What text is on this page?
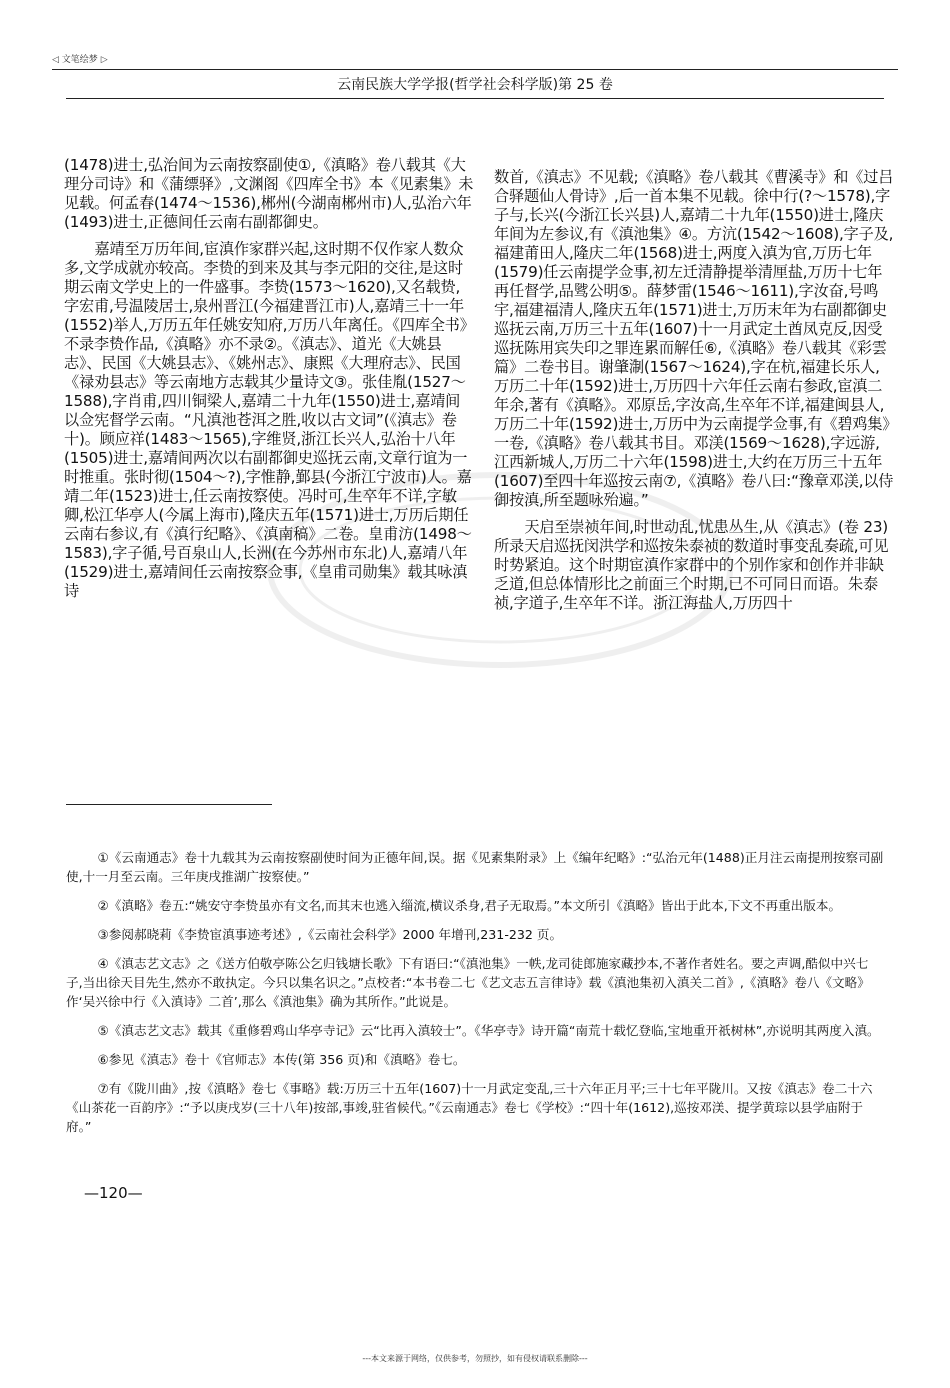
◁ 文笔绘梦 ▷
云南民族大学学报(哲学社会科学版)第 25 卷

(1478)进士,弘治间为云南按察副使①,《滇略》卷八载其《大理分司诗》和《蒲缥驿》,文渊阁《四库全书》本《见素集》未见载。何孟春(1474～1536),郴州(今湖南郴州市)人,弘治六年(1493)进士,正德间任云南右副都御史。

嘉靖至万历年间,宦滇作家群兴起,这时期不仅作家人数众多,文学成就亦较高。李贽的到来及其与李元阳的交往,是这时期云南文学史上的一件盛事。李贽(1573～1620),又名载贽,字宏甫,号温陵居士,泉州晋江(今福建晋江市)人,嘉靖三十一年(1552)举人,万历五年任姚安知府,万历八年离任。《四库全书》不录李贽作品,《滇略》亦不录②。《滇志》、道光《大姚县志》、民国《大姚县志》、《姚州志》、康熙《大理府志》、民国《禄劝县志》等云南地方志载其少量诗文③。张佳胤(1527～1588),字肖甫,四川铜梁人,嘉靖二十九年(1550)进士,嘉靖间以佥宪督学云南。“凡滇池苍洱之胜,收以古文词”(《滇志》卷十)。顾应祥(1483～1565),字维贤,浙江长兴人,弘治十八年(1505)进士,嘉靖间两次以右副都御史巡抚云南,文章行谊为一时推重。张时彻(1504～?),字惟静,鄞县(今浙江宁波市)人。嘉靖二年(1523)进士,任云南按察使。冯时可,生卒年不详,字敏卿,松江华亭人(今属上海市),隆庆五年(1571)进士,万历后期任云南右参议,有《滇行纪略》、《滇南稿》二卷。皇甫汸(1498～1583),字子循,号百泉山人,长洲(在今苏州市东北)人,嘉靖八年(1529)进士,嘉靖间任云南按察佥事,《皇甫司勋集》载其咏滇诗

数首,《滇志》不见载;《滇略》卷八载其《曹溪寺》和《过吕合驿题仙人骨诗》,后一首本集不见载。徐中行(?～1578),字子与,长兴(今浙江长兴县)人,嘉靖二十九年(1550)进士,隆庆年间为左参议,有《滇池集》④。方沆(1542～1608),字子及,福建莆田人,隆庆二年(1568)进士,两度入滇为官,万历七年(1579)任云南提学佥事,初左迁清静提举清厘盐,万历十七年再任督学,品骘公明⑤。薛梦雷(1546～1611),字汝奋,号鸣宇,福建福清人,隆庆五年(1571)进士,万历末年为右副都御史巡抚云南,万历三十五年(1607)十一月武定土酋凤克反,因受巡抚陈用宾失印之罪连累而解任⑥,《滇略》卷八载其《彩雲篇》二卷书目。谢肇淛(1567～1624),字在杭,福建长乐人,万历二十年(1592)进士,万历四十六年任云南右参政,宦滇二年余,著有《滇略》。邓原岳,字汝高,生卒年不详,福建闽县人,万历二十年(1592)进士,万历中为云南提学佥事,有《碧鸡集》一卷,《滇略》卷八载其书目。邓渼(1569～1628),字远游,江西新城人,万历二十六年(1598)进士,大约在万历三十五年(1607)至四十年巡按云南⑦,《滇略》卷八曰:“豫章邓渼,以侍御按滇,所至题咏殆遍。”

天启至崇祯年间,时世动乱,忧患丛生,从《滇志》(卷 23)所录天启巡抚闵洪学和巡按朱泰祯的数道时事变乱奏疏,可见时势紧迫。这个时期宦滇作家群中的个别作家和创作并非缺乏道,但总体情形比之前面三个时期,已不可同日而语。朱泰祯,字道子,生卒年不详。浙江海盐人,万历四十

①《云南通志》卷十九载其为云南按察副使时间为正德年间,误。据《见素集附录》上《编年纪略》:“弘治元年(1488)正月注云南提刑按察司副使,十一月至云南。三年庚戌推湖广按察使。”

②《滇略》卷五:“姚安守李贽虽亦有文名,而其末也逃入缁流,横议杀身,君子无取焉。”本文所引《滇略》皆出于此本,下文不再重出版本。

③参阅郝晓莉《李贽宦滇事迹考述》,《云南社会科学》2000 年增刊,231-232 页。

④《滇志艺文志》之《送方伯敬亭陈公乞归钱塘长歌》下有语曰:“《滇池集》一帙,龙司徒郎施家藏抄本,不著作者姓名。要之声调,酷似中兴七子,当出徐天目先生,然亦不敢执定。今只以集名识之。”点校者:“本书卷二七《艺文志五言律诗》载《滇池集初入滇关二首》,《滇略》卷八《文略》作‘吴兴徐中行《入滇诗》二首’,那么《滇池集》确为其所作。”此说是。

⑤《滇志艺文志》载其《重修碧鸡山华亭寺记》云“比再入滇较士”。《华亭寺》诗开篇“南荒十载忆登临,宝地重开祇树林”,亦说明其两度入滇。

⑥参见《滇志》卷十《官师志》本传(第 356 页)和《滇略》卷七。

⑦有《陇川曲》,按《滇略》卷七《事略》载:万历三十五年(1607)十一月武定变乱,三十六年正月平;三十七年平陇川。又按《滇志》卷二十六《山茶花一百韵序》:“予以庚戌岁(三十八年)按部,事竣,驻省候代。”《云南通志》卷七《学校》:“四十年(1612),巡按邓渼、提学黄琮以县学庙附于府。”

—120—
---本文来源于网络，仅供参考，勿照抄，如有侵权请联系删除---
